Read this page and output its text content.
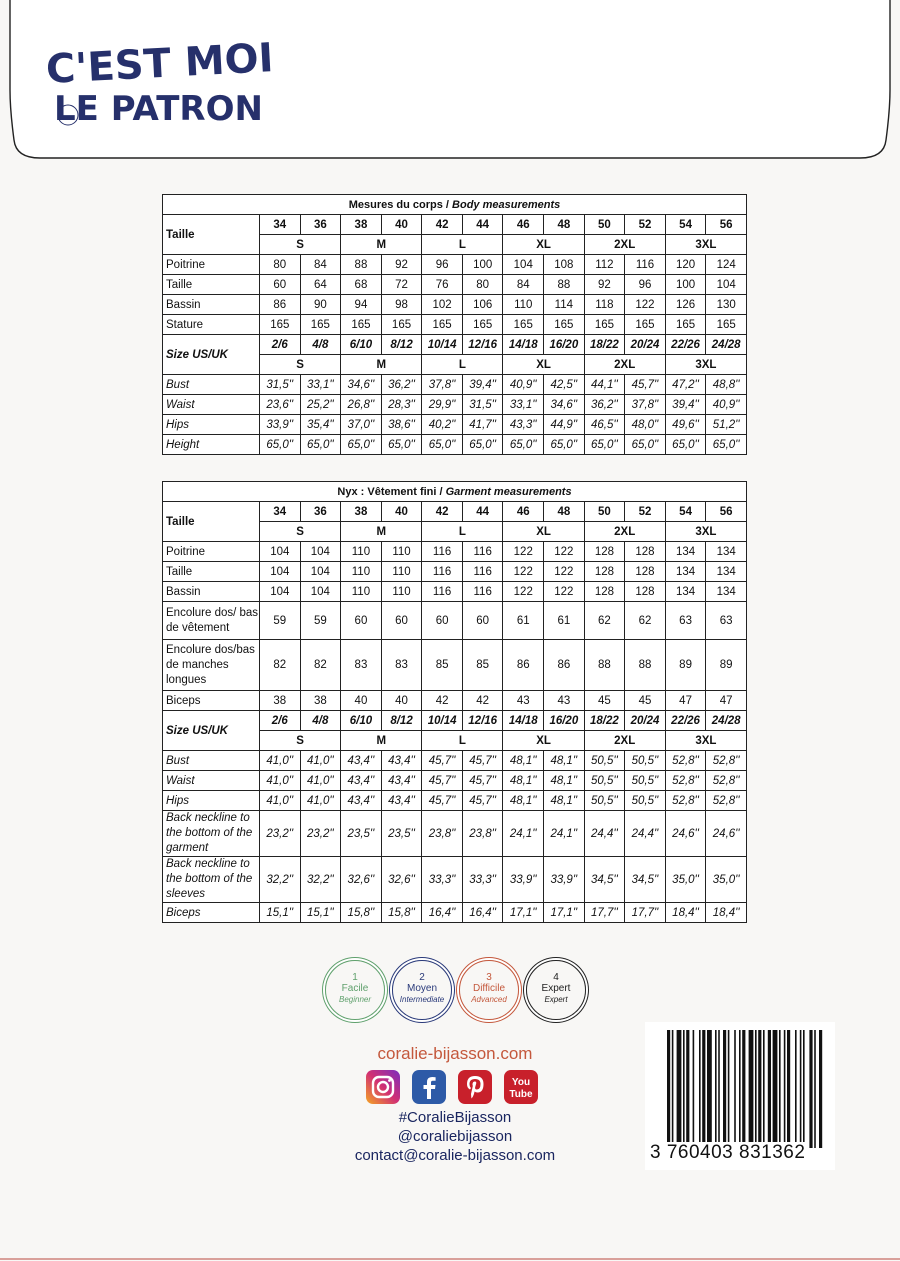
C'EST MOI
LE PATRON
Mesures du corps / Body measurements												
Taille	34	36	38	40	42	44	46	48	50	52	54	56
	S		M		L		XL		2XL		3XL	
Poitrine	80	84	88	92	96	100	104	108	112	116	120	124
Taille	60	64	68	72	76	80	84	88	92	96	100	104
Bassin	86	90	94	98	102	106	110	114	118	122	126	130
Stature	165	165	165	165	165	165	165	165	165	165	165	165
Size US/UK	2/6	4/8	6/10	8/12	10/14	12/16	14/18	16/20	18/22	20/24	22/26	24/28
	S		M		L		XL		2XL		3XL	
Bust	31,5''	33,1''	34,6''	36,2''	37,8''	39,4''	40,9''	42,5''	44,1''	45,7''	47,2''	48,8''
Waist	23,6''	25,2''	26,8''	28,3''	29,9''	31,5''	33,1''	34,6''	36,2''	37,8''	39,4''	40,9''
Hips	33,9''	35,4''	37,0''	38,6''	40,2''	41,7''	43,3''	44,9''	46,5''	48,0''	49,6''	51,2''
Height	65,0''	65,0''	65,0''	65,0''	65,0''	65,0''	65,0''	65,0''	65,0''	65,0''	65,0''	65,0''
Nyx : Vêtement fini / Garment measurements												
Taille	34	36	38	40	42	44	46	48	50	52	54	56
	S		M		L		XL		2XL		3XL	
Poitrine	104	104	110	110	116	116	122	122	128	128	134	134
Taille	104	104	110	110	116	116	122	122	128	128	134	134
Bassin	104	104	110	110	116	116	122	122	128	128	134	134
Encolure dos/ bas de vêtement	59	59	60	60	60	60	61	61	62	62	63	63
Encolure dos/bas de manches longues	82	82	83	83	85	85	86	86	88	88	89	89
Biceps	38	38	40	40	42	42	43	43	45	45	47	47
Size US/UK	2/6	4/8	6/10	8/12	10/14	12/16	14/18	16/20	18/22	20/24	22/26	24/28
	S		M		L		XL		2XL		3XL	
Bust	41,0''	41,0''	43,4''	43,4''	45,7''	45,7''	48,1''	48,1''	50,5''	50,5''	52,8''	52,8''
Waist	41,0''	41,0''	43,4''	43,4''	45,7''	45,7''	48,1''	48,1''	50,5''	50,5''	52,8''	52,8''
Hips	41,0''	41,0''	43,4''	43,4''	45,7''	45,7''	48,1''	48,1''	50,5''	50,5''	52,8''	52,8''
Back neckline to the bottom of the garment	23,2''	23,2''	23,5''	23,5''	23,8''	23,8''	24,1''	24,1''	24,4''	24,4''	24,6''	24,6''
Back neckline to the bottom of the sleeves	32,2''	32,2''	32,6''	32,6''	33,3''	33,3''	33,9''	33,9''	34,5''	34,5''	35,0''	35,0''
Biceps	15,1''	15,1''	15,8''	15,8''	16,4''	16,4''	17,1''	17,1''	17,7''	17,7''	18,4''	18,4''
1
Facile
Beginner
2
Moyen
Intermediate
3
Difficile
Advanced
4
Expert
Expert
coralie-bijasson.com
You
Tube
#CoralieBijasson
@coraliebijasson
contact@coralie-bijasson.com	3 760403 831362
